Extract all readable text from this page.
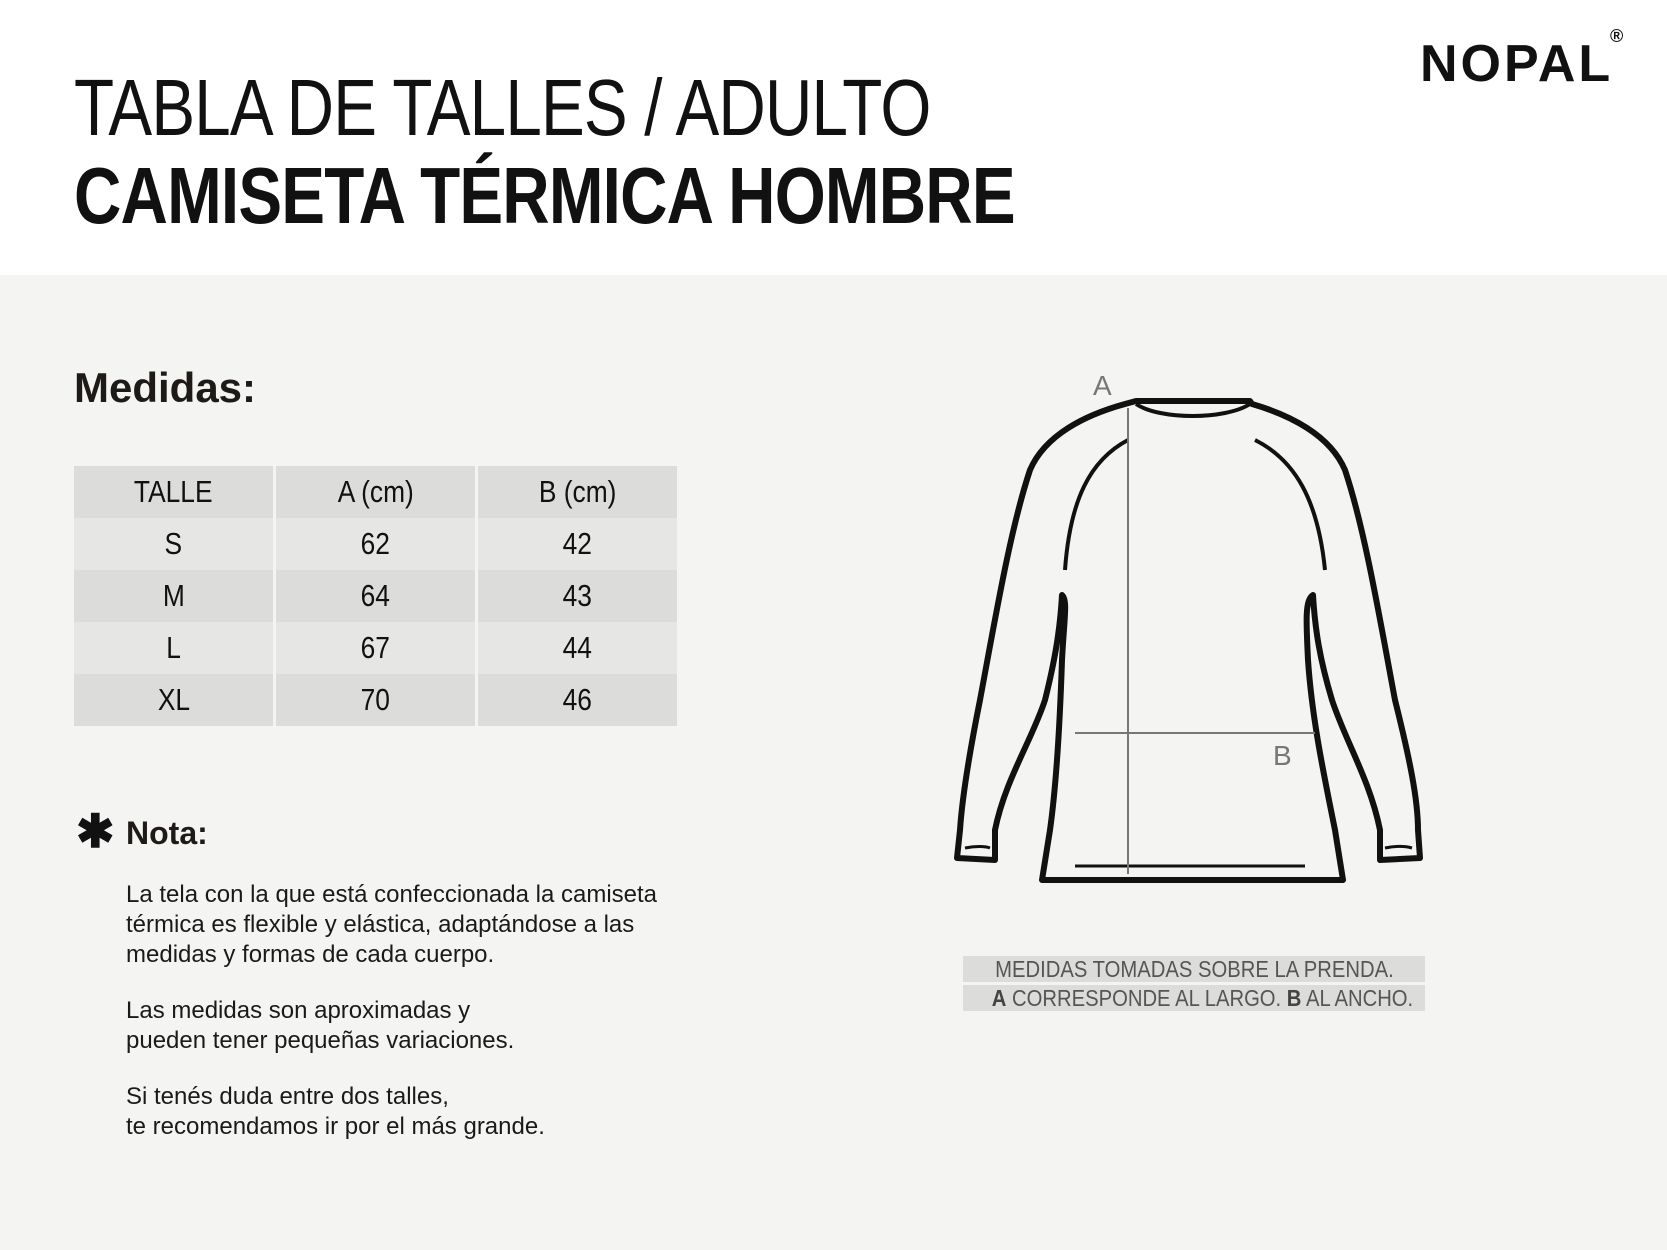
TABLA DE TALLES / ADULTO
CAMISETA TÉRMICA HOMBRE
NOPAL
®
Medidas:
TALLE	A (cm)	B (cm)
S	62	42
M	64	43
L	67	44
XL	70	46
✱ Nota:
La tela con la que está confeccionada la camiseta
térmica es flexible y elástica, adaptándose a las
medidas y formas de cada cuerpo.
Las medidas son aproximadas y
pueden tener pequeñas variaciones.
Si tenés duda entre dos talles,
te recomendamos ir por el más grande.
A
B
MEDIDAS TOMADAS SOBRE LA PRENDA.
A CORRESPONDE AL LARGO. B AL ANCHO.
